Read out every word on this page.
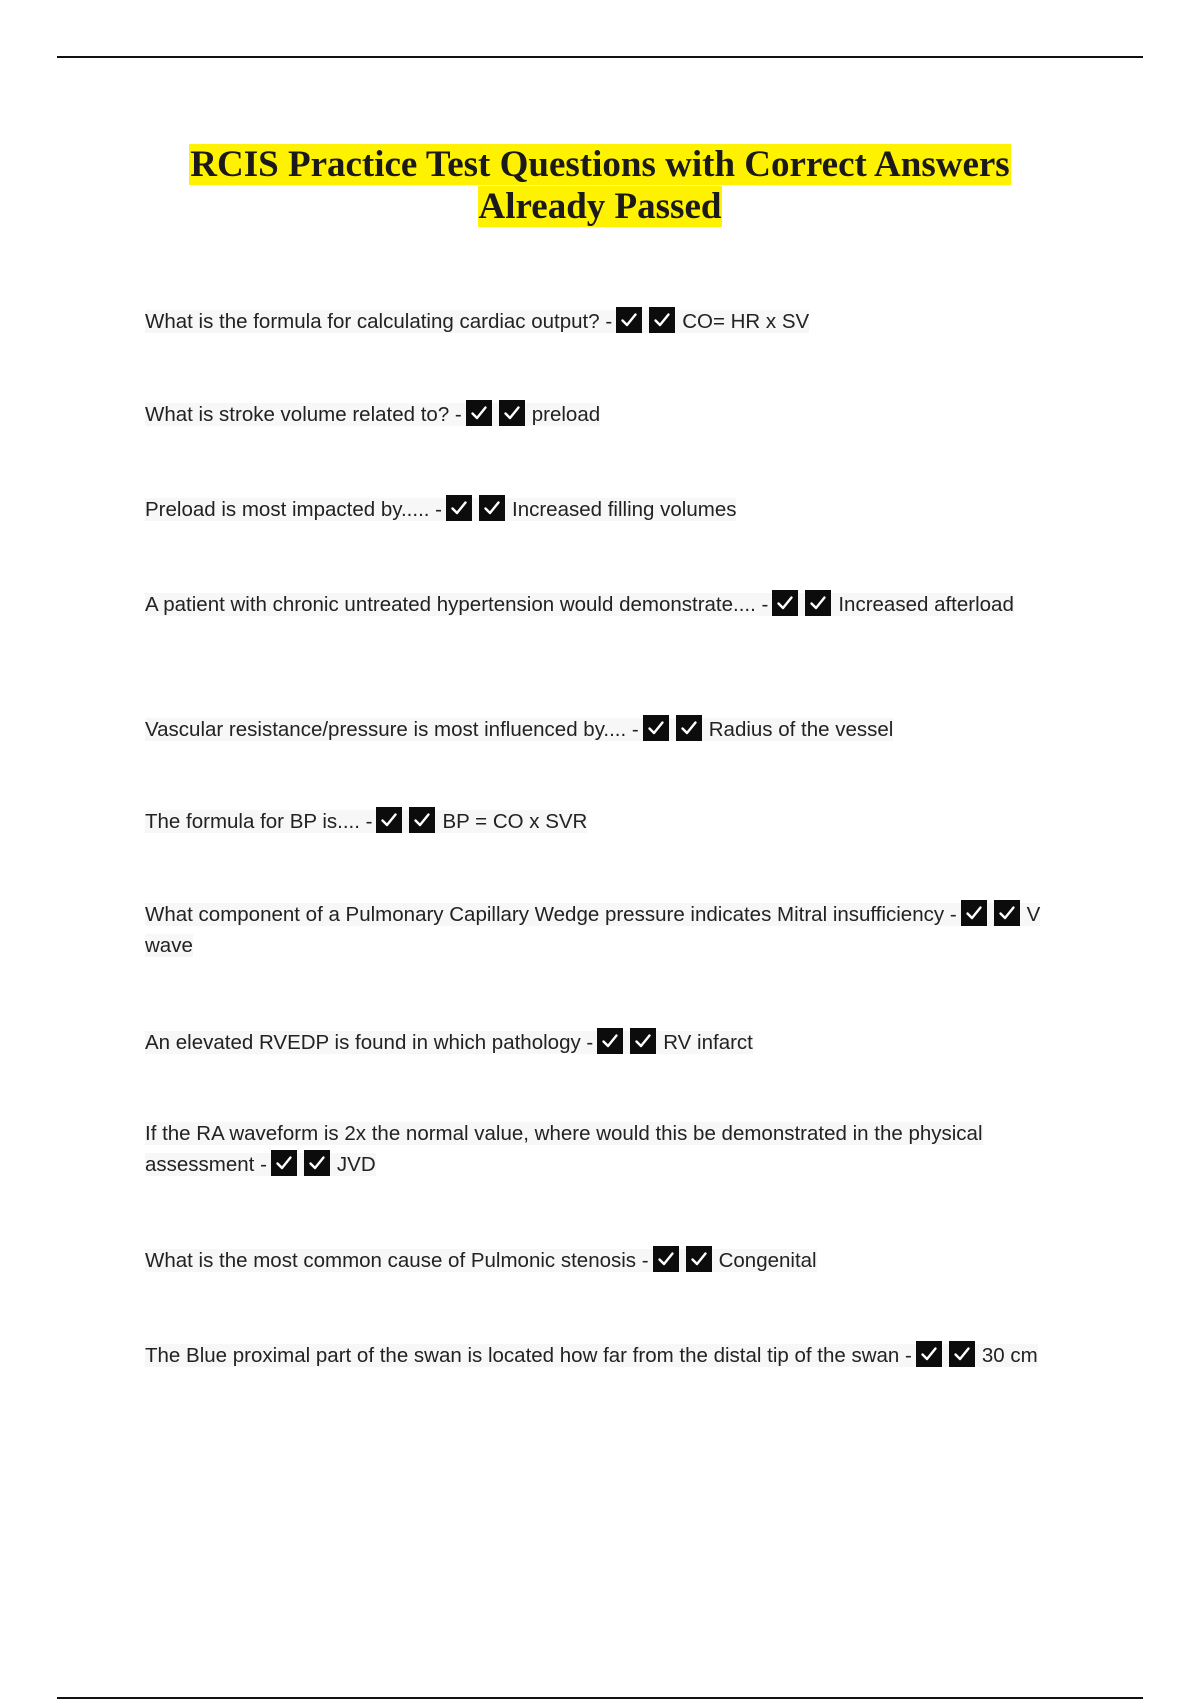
RCIS Practice Test Questions with Correct Answers
Already Passed
What is the formula for calculating cardiac output? -	CO= HR x SV
What is stroke volume related to? -	preload
Preload is most impacted by..... -	Increased filling volumes
A patient with chronic untreated hypertension would demonstrate.... -	Increased afterload
Vascular resistance/pressure is most influenced by.... -	Radius of the vessel
The formula for BP is.... -	BP = CO x SVR
What component of a Pulmonary Capillary Wedge pressure indicates Mitral insufficiency -	V wave
An elevated RVEDP is found in which pathology -	RV infarct
If the RA waveform is 2x the normal value, where would this be demonstrated in the physical assessment -	JVD
What is the most common cause of Pulmonic stenosis -	Congenital
The Blue proximal part of the swan is located how far from the distal tip of the swan -	30 cm
